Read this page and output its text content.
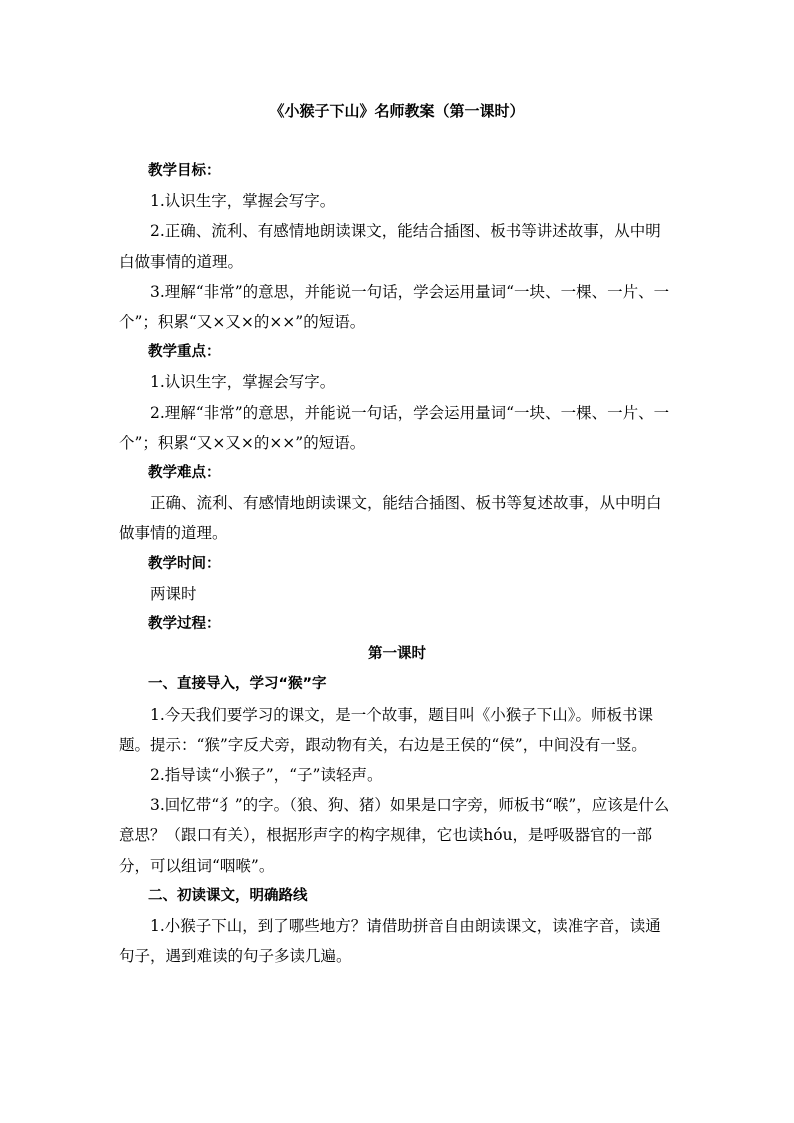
《小猴子下山》名师教案（第一课时）

教学目标：

1.认识生字，掌握会写字。

2.正确、流利、有感情地朗读课文，能结合插图、板书等讲述故事，从中明白做事情的道理。

3.理解“非常”的意思，并能说一句话，学会运用量词“一块、一棵、一片、一个”；积累“又×又×的××”的短语。

教学重点：

1.认识生字，掌握会写字。

2.理解“非常”的意思，并能说一句话，学会运用量词“一块、一棵、一片、一个”；积累“又×又×的××”的短语。

教学难点：

正确、流利、有感情地朗读课文，能结合插图、板书等复述故事，从中明白做事情的道理。

教学时间：

两课时

教学过程：

第一课时

一、直接导入，学习“猴”字

1.今天我们要学习的课文，是一个故事，题目叫《小猴子下山》。师板书课题。提示：“猴”字反犬旁，跟动物有关，右边是王侯的“侯”，中间没有一竖。

2.指导读“小猴子”，“子”读轻声。

3.回忆带“犭”的字。（狼、狗、猪）如果是口字旁，师板书“喉”，应该是什么意思？（跟口有关），根据形声字的构字规律，它也读hóu，是呼吸器官的一部分，可以组词“咽喉”。

二、初读课文，明确路线

1.小猴子下山，到了哪些地方？请借助拼音自由朗读课文，读准字音，读通句子，遇到难读的句子多读几遍。
